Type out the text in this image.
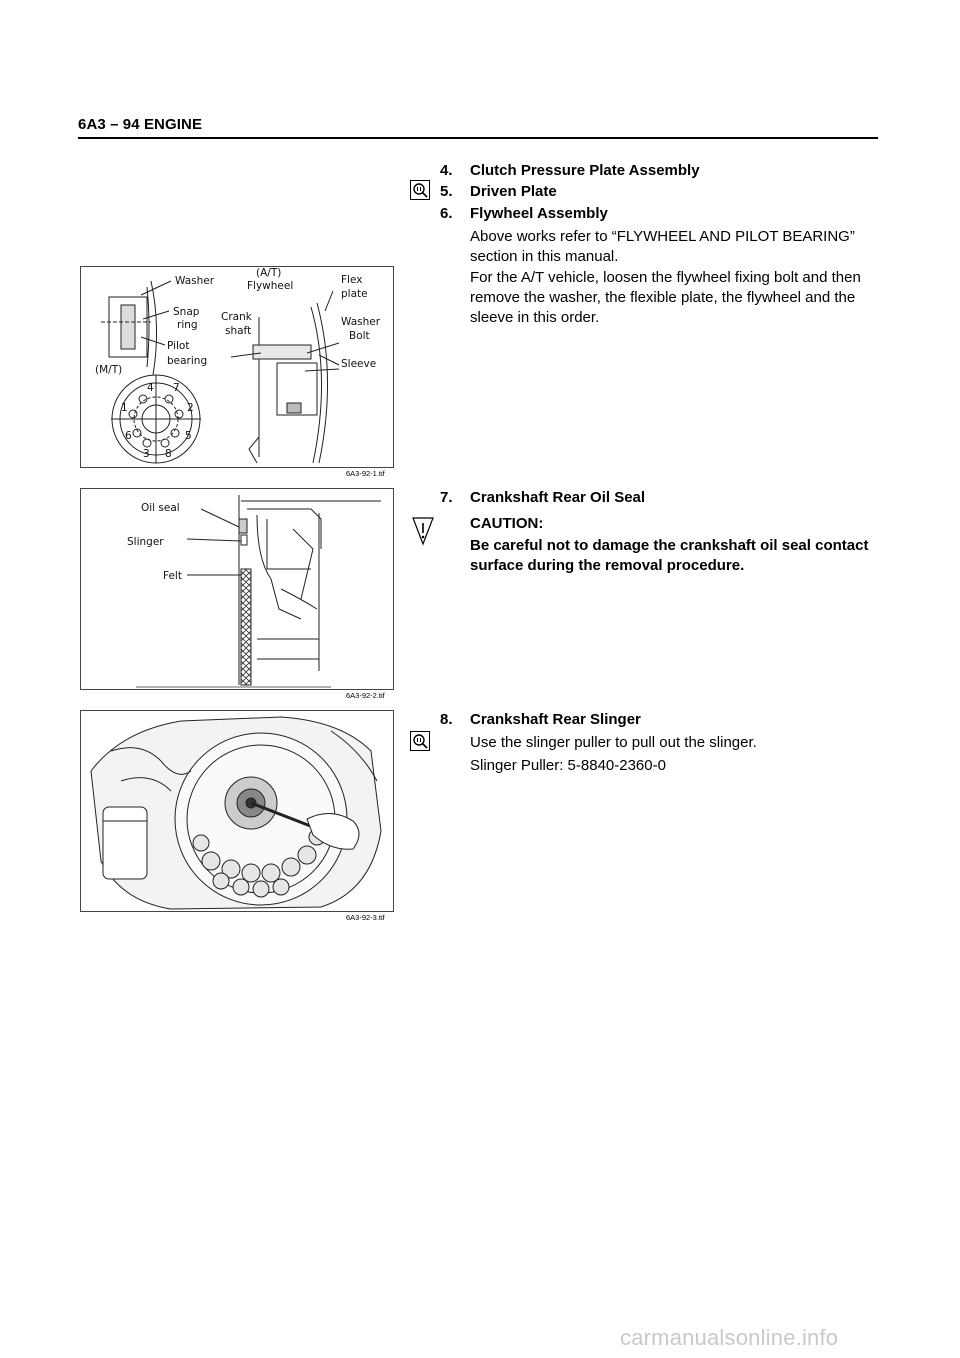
6A3 – 94 ENGINE
Washer
(A/T)
Flywheel	Flex
plate
Snap
ring
Crank
shaft
Washer
Bolt
Pilot
bearing	Sleeve
(M/T)
4 7
1	2
6	5
3 8
6A3-92-1.tif
Oil seal
Slinger
Felt
6A3-92-2.tif
6A3-92-3.tif
4.	Clutch Pressure Plate Assembly
5.	Driven Plate
6.	Flywheel Assembly
Above works refer to “FLYWHEEL AND PILOT BEARING” section in this manual.
For the A/T vehicle, loosen the flywheel fixing bolt and then remove the washer, the flexible plate, the flywheel and the sleeve in this order.
7.	Crankshaft Rear Oil Seal
CAUTION:
Be careful not to damage the crankshaft oil seal contact surface during the removal procedure.
8.	Crankshaft Rear Slinger
Use the slinger puller to pull out the slinger.
Slinger Puller: 5-8840-2360-0
carmanualsonline.info
